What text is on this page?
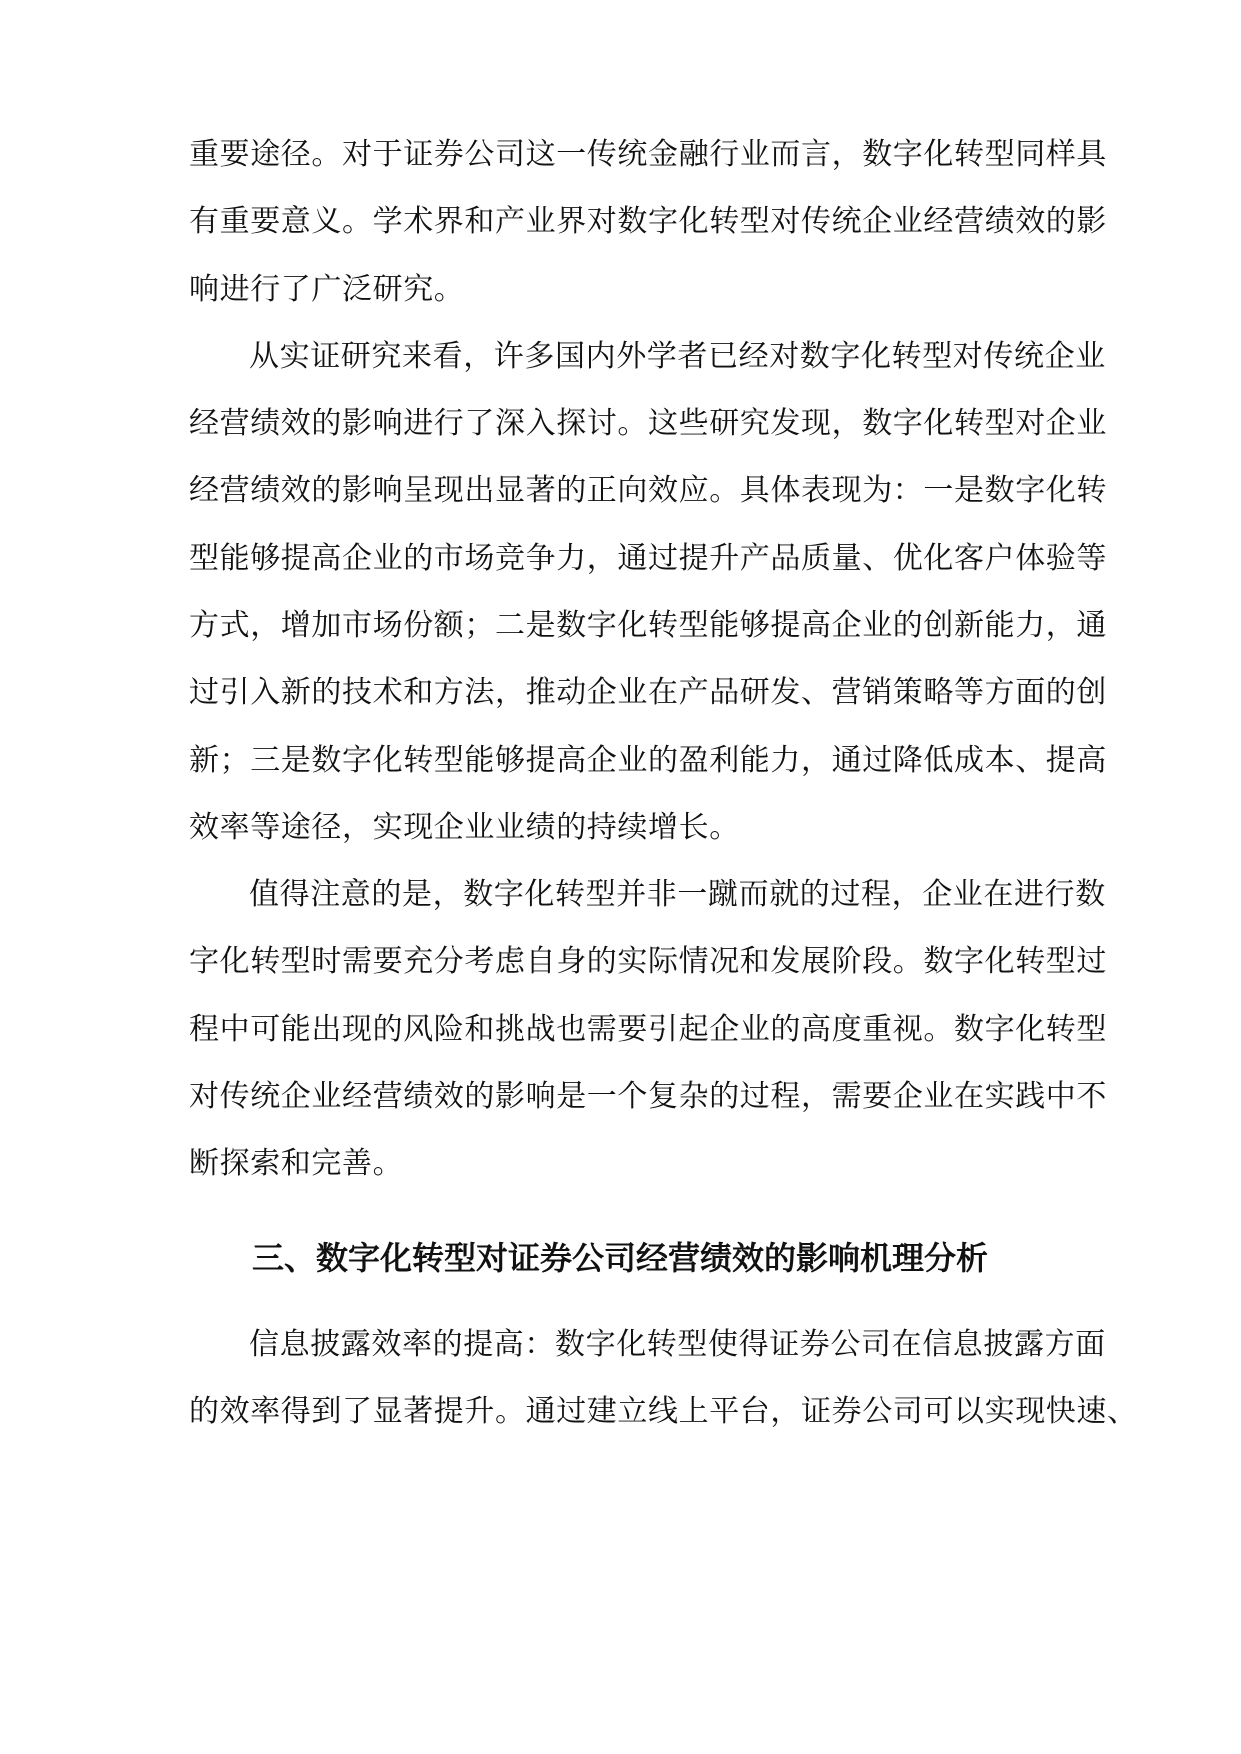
重要途径。对于证券公司这一传统金融行业而言，数字化转型同样具
有重要意义。学术界和产业界对数字化转型对传统企业经营绩效的影
响进行了广泛研究。
从实证研究来看，许多国内外学者已经对数字化转型对传统企业
经营绩效的影响进行了深入探讨。这些研究发现，数字化转型对企业
经营绩效的影响呈现出显著的正向效应。具体表现为：一是数字化转
型能够提高企业的市场竞争力，通过提升产品质量、优化客户体验等
方式，增加市场份额；二是数字化转型能够提高企业的创新能力，通
过引入新的技术和方法，推动企业在产品研发、营销策略等方面的创
新；三是数字化转型能够提高企业的盈利能力，通过降低成本、提高
效率等途径，实现企业业绩的持续增长。
值得注意的是，数字化转型并非一蹴而就的过程，企业在进行数
字化转型时需要充分考虑自身的实际情况和发展阶段。数字化转型过
程中可能出现的风险和挑战也需要引起企业的高度重视。数字化转型
对传统企业经营绩效的影响是一个复杂的过程，需要企业在实践中不
断探索和完善。
三、数字化转型对证券公司经营绩效的影响机理分析
信息披露效率的提高：数字化转型使得证券公司在信息披露方面
的效率得到了显著提升。通过建立线上平台，证券公司可以实现快速、
